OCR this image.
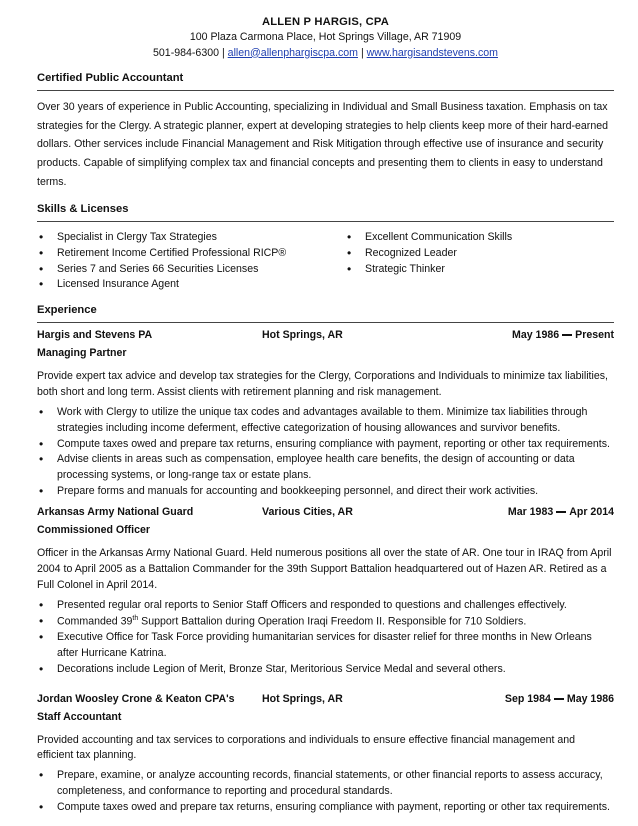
ALLEN P HARGIS, CPA
100 Plaza Carmona Place, Hot Springs Village, AR 71909
501-984-6300 | allen@allenphargiscpa.com | www.hargisandstevens.com
Certified Public Accountant

Over 30 years of experience in Public Accounting, specializing in Individual and Small Business taxation. Emphasis on tax strategies for the Clergy. A strategic planner, expert at developing strategies to help clients keep more of their hard-earned dollars. Other services include Financial Management and Risk Mitigation through effective use of insurance and security products. Capable of simplifying complex tax and financial concepts and presenting them to clients in easy to understand terms.

Skills & Licenses
• Specialist in Clergy Tax Strategies
• Retirement Income Certified Professional RICP®
• Series 7 and Series 66 Securities Licenses
• Licensed Insurance Agent
• Excellent Communication Skills
• Recognized Leader
• Strategic Thinker
Experience
Hargis and Stevens PA	Hot Springs, AR	May 1986 Present
Managing Partner

Provide expert tax advice and develop tax strategies for the Clergy, Corporations and Individuals to minimize tax liabilities, both short and long term. Assist clients with retirement planning and risk management.

• Work with Clergy to utilize the unique tax codes and advantages available to them. Minimize tax liabilities through strategies including income deferment, effective categorization of housing allowances and survivor benefits.
• Compute taxes owed and prepare tax returns, ensuring compliance with payment, reporting or other tax requirements.
• Advise clients in areas such as compensation, employee health care benefits, the design of accounting or data processing systems, or long-range tax or estate plans.
• Prepare forms and manuals for accounting and bookkeeping personnel, and direct their work activities.
Arkansas Army National Guard	Various Cities, AR	Mar 1983 Apr 2014
Commissioned Officer

Officer in the Arkansas Army National Guard. Held numerous positions all over the state of AR. One tour in IRAQ from April 2004 to April 2005 as a Battalion Commander for the 39th Support Battalion headquartered out of Hazen AR. Retired as a Full Colonel in April 2014.

• Presented regular oral reports to Senior Staff Officers and responded to questions and challenges effectively.
• Commanded 39th Support Battalion during Operation Iraqi Freedom II. Responsible for 710 Soldiers.
• Executive Office for Task Force providing humanitarian services for disaster relief for three months in New Orleans after Hurricane Katrina.
• Decorations include Legion of Merit, Bronze Star, Meritorious Service Medal and several others.
Jordan Woosley Crone & Keaton CPA's	Hot Springs, AR	Sep 1984 May 1986
Staff Accountant

Provided accounting and tax services to corporations and individuals to ensure effective financial management and efficient tax planning.

• Prepare, examine, or analyze accounting records, financial statements, or other financial reports to assess accuracy, completeness, and conformance to reporting and procedural standards.
• Compute taxes owed and prepare tax returns, ensuring compliance with payment, reporting or other tax requirements.
